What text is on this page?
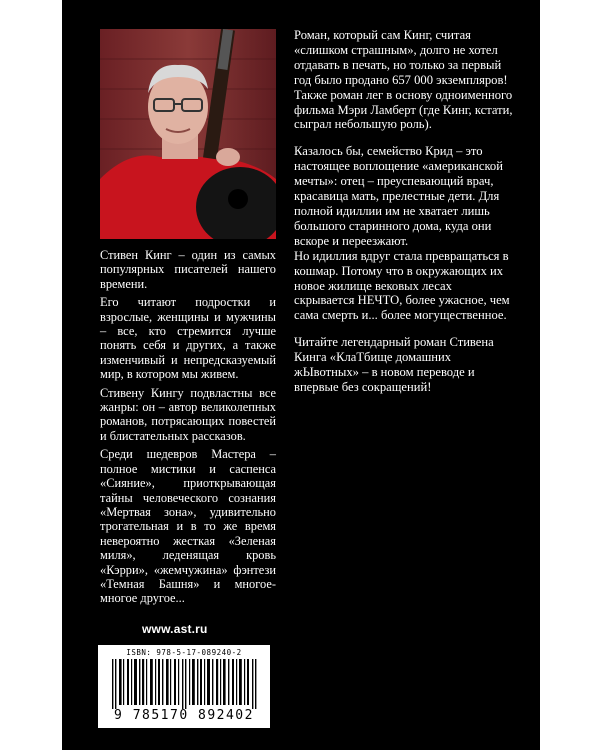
Стивен Кинг – один из самых популярных писателей нашего времени.

Его читают подростки и взрослые, женщины и мужчины – все, кто стремится лучше понять себя и других, а также изменчивый и непредсказуемый мир, в котором мы живем.

Стивену Кингу подвластны все жанры: он – автор великолепных романов, потрясающих повестей и блистательных рассказов.

Среди шедевров Мастера – полное мистики и саспенса «Сияние», приоткрывающая тайны человеческого сознания «Мертвая зона», удивительно трогательная и в то же время невероятно жесткая «Зеленая миля», леденящая кровь «Кэрри», «жемчужина» фэнтези «Темная Башня» и многое-многое другое...

Роман, который сам Кинг, считая «слишком страшным», долго не хотел отдавать в печать, но только за первый год было продано 657 000 экземпляров! Также роман лег в основу одноименного фильма Мэри Ламберт (где Кинг, кстати, сыграл небольшую роль).

Казалось бы, семейство Крид – это настоящее воплощение «американской мечты»: отец – преуспевающий врач, красавица мать, прелестные дети. Для полной идиллии им не хватает лишь большого старинного дома, куда они вскоре и переезжают.

Но идиллия вдруг стала превращаться в кошмар. Потому что в окружающих их новое жилище вековых лесах скрывается НЕЧТО, более ужасное, чем сама смерть и... более могущественное.

Читайте легендарный роман Стивена Кинга «КлаТбище домашних жЫвотных» – в новом переводе и впервые без сокращений!

www.ast.ru
ISBN: 978-5-17-089240-2
9 785170 892402
